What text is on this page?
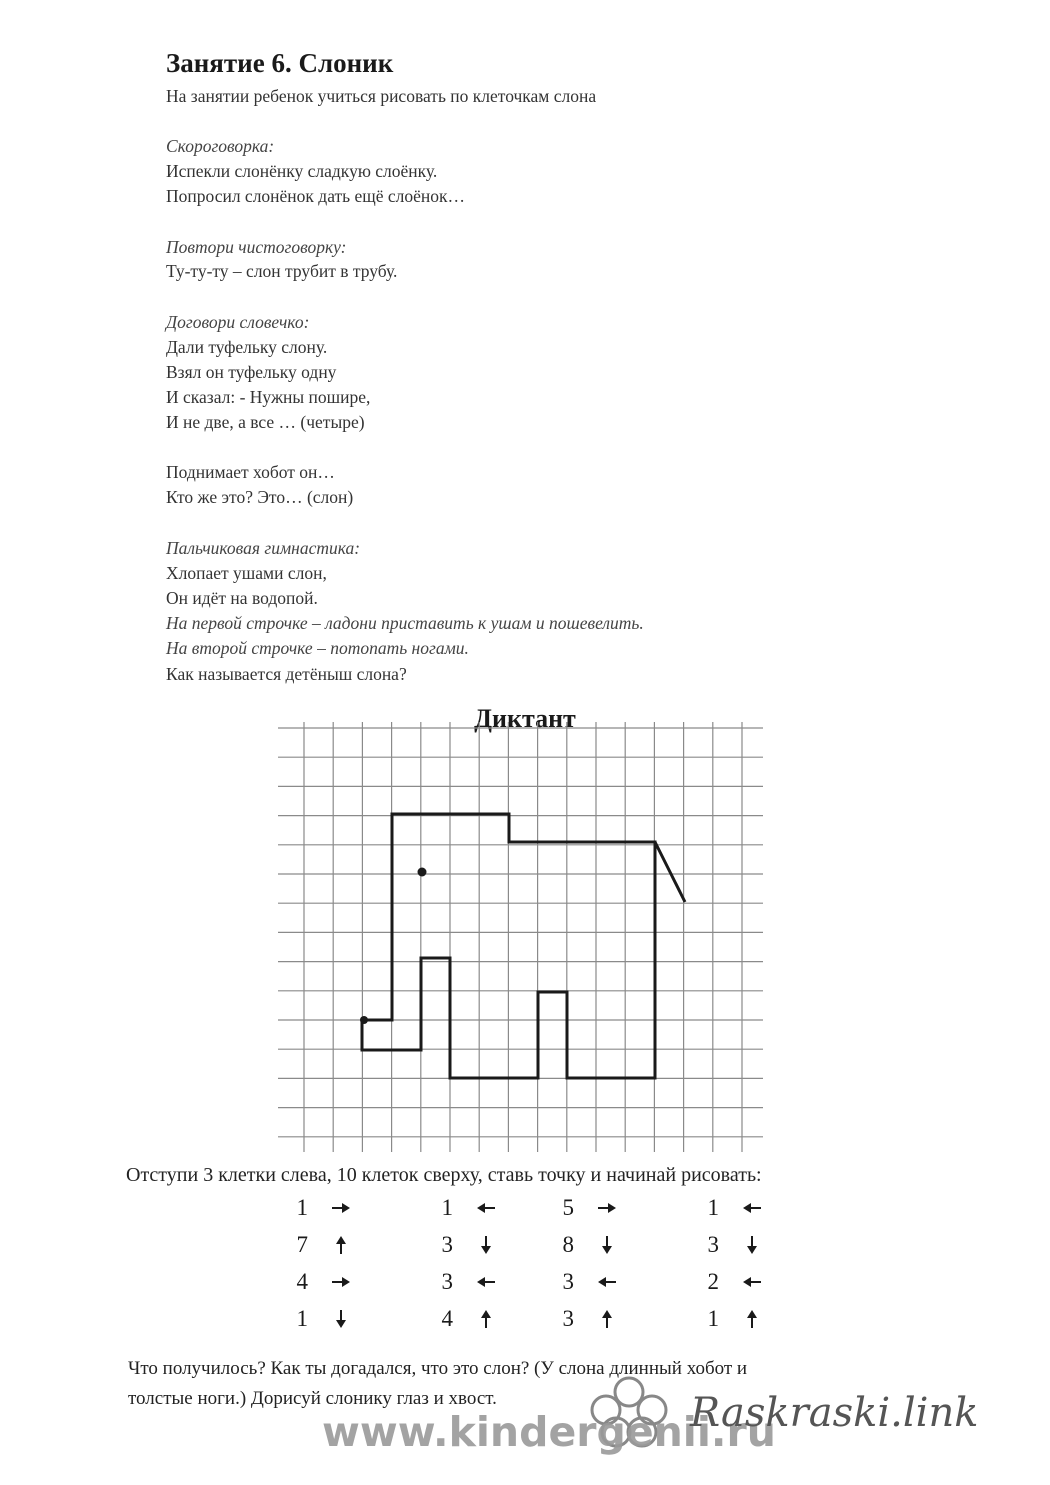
Занятие 6. Слоник
На занятии ребенок учиться рисовать по клеточкам слона
Скороговорка:
Испекли слонёнку сладкую слоёнку.
Попросил слонёнок дать ещё слоёнок…
Повтори чистоговорку:
Ту-ту-ту – слон трубит в трубу.
Договори словечко:
Дали туфельку слону.
Взял он туфельку одну
И сказал: - Нужны пошире,
И не две, а все … (четыре)
Поднимает хобот он…
Кто же это? Это… (слон)
Пальчиковая гимнастика:
Хлопает ушами слон,
Он идёт на водопой.
На первой строчке – ладони приставить к ушам и пошевелить.
На второй строчке – потопать ногами.
Как называется детёныш слона?
Диктант
Отступи 3 клетки слева, 10 клеток сверху, ставь точку и начинай рисовать:
1
7
4
1
1
3
3
4
5
8
3
3
1
3
2
1
Что получилось? Как ты догадался, что это слон? (У слона длинный хобот и
толстые ноги.) Дорисуй слонику глаз и хвост.
www.kindergenii.ru
Raskraski.link
